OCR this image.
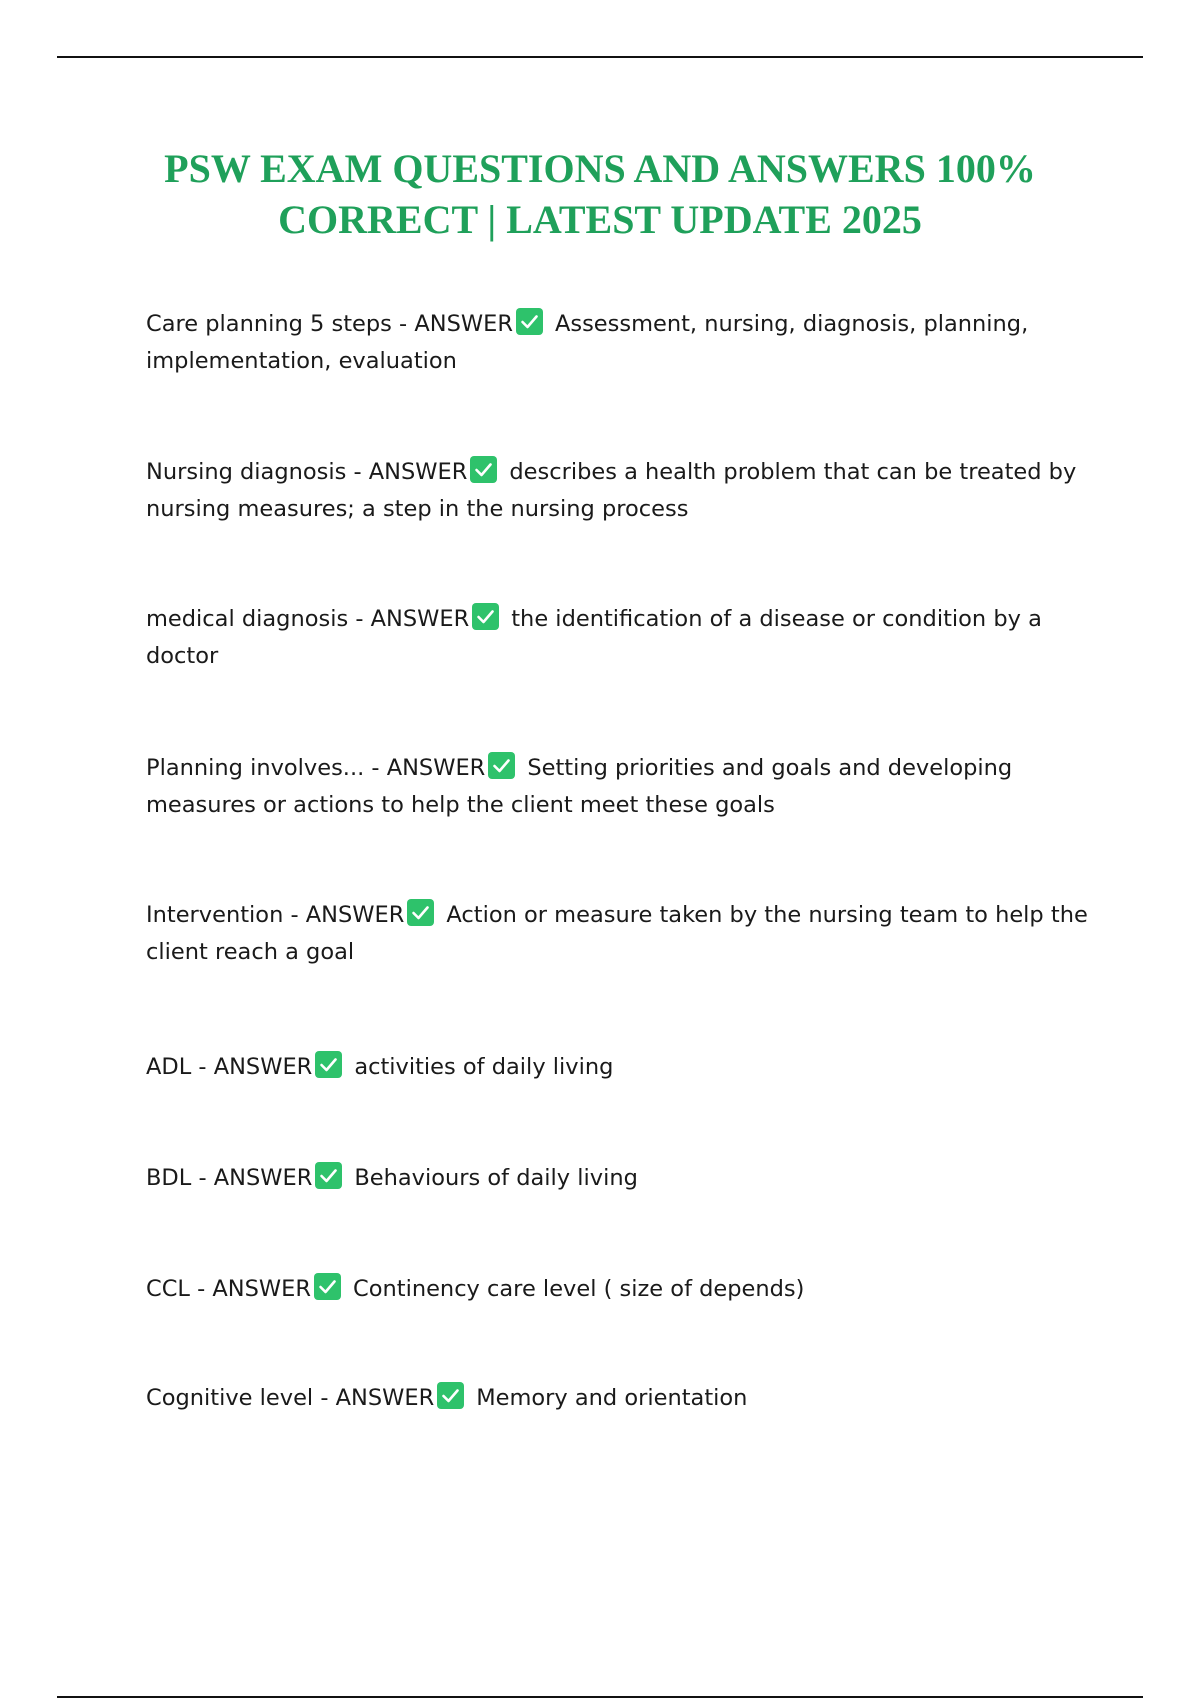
PSW EXAM QUESTIONS AND ANSWERS 100%
CORRECT | LATEST UPDATE 2025

Care planning 5 steps - ANSWER Assessment, nursing, diagnosis, planning, implementation, evaluation

Nursing diagnosis - ANSWER describes a health problem that can be treated by nursing measures; a step in the nursing process

medical diagnosis - ANSWER the identification of a disease or condition by a doctor

Planning involves... - ANSWER Setting priorities and goals and developing measures or actions to help the client meet these goals

Intervention - ANSWER Action or measure taken by the nursing team to help the client reach a goal

ADL - ANSWER activities of daily living

BDL - ANSWER Behaviours of daily living

CCL - ANSWER Continency care level ( size of depends)

Cognitive level - ANSWER Memory and orientation
